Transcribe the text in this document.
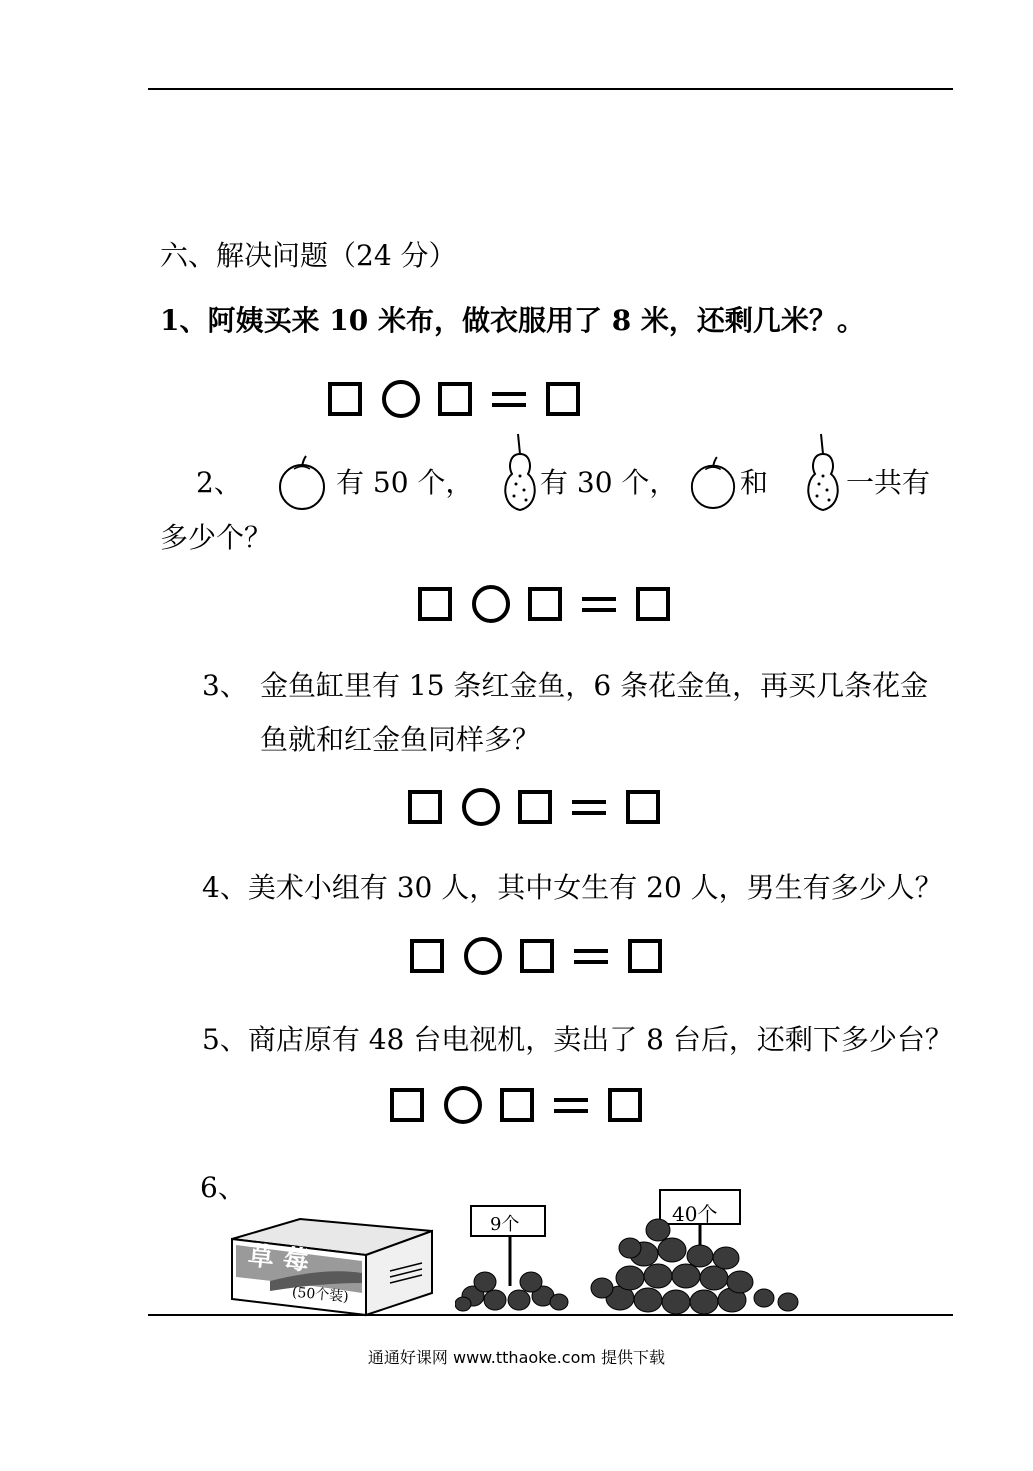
六、解决问题（24 分）
1、阿姨买来 10 米布，做衣服用了 8 米，还剩几米？。
2、	有 50 个， 有 30 个， 和	一共有
多少个？
3、 金鱼缸里有 15 条红金鱼，6 条花金鱼，再买几条花金
鱼就和红金鱼同样多？
4、美术小组有 30 人，其中女生有 20 人，男生有多少人？
5、商店原有 48 台电视机，卖出了 8 台后，还剩下多少台？
6、
草 莓
(50个装)
9个	40个
通通好课网 www.tthaoke.com 提供下载
